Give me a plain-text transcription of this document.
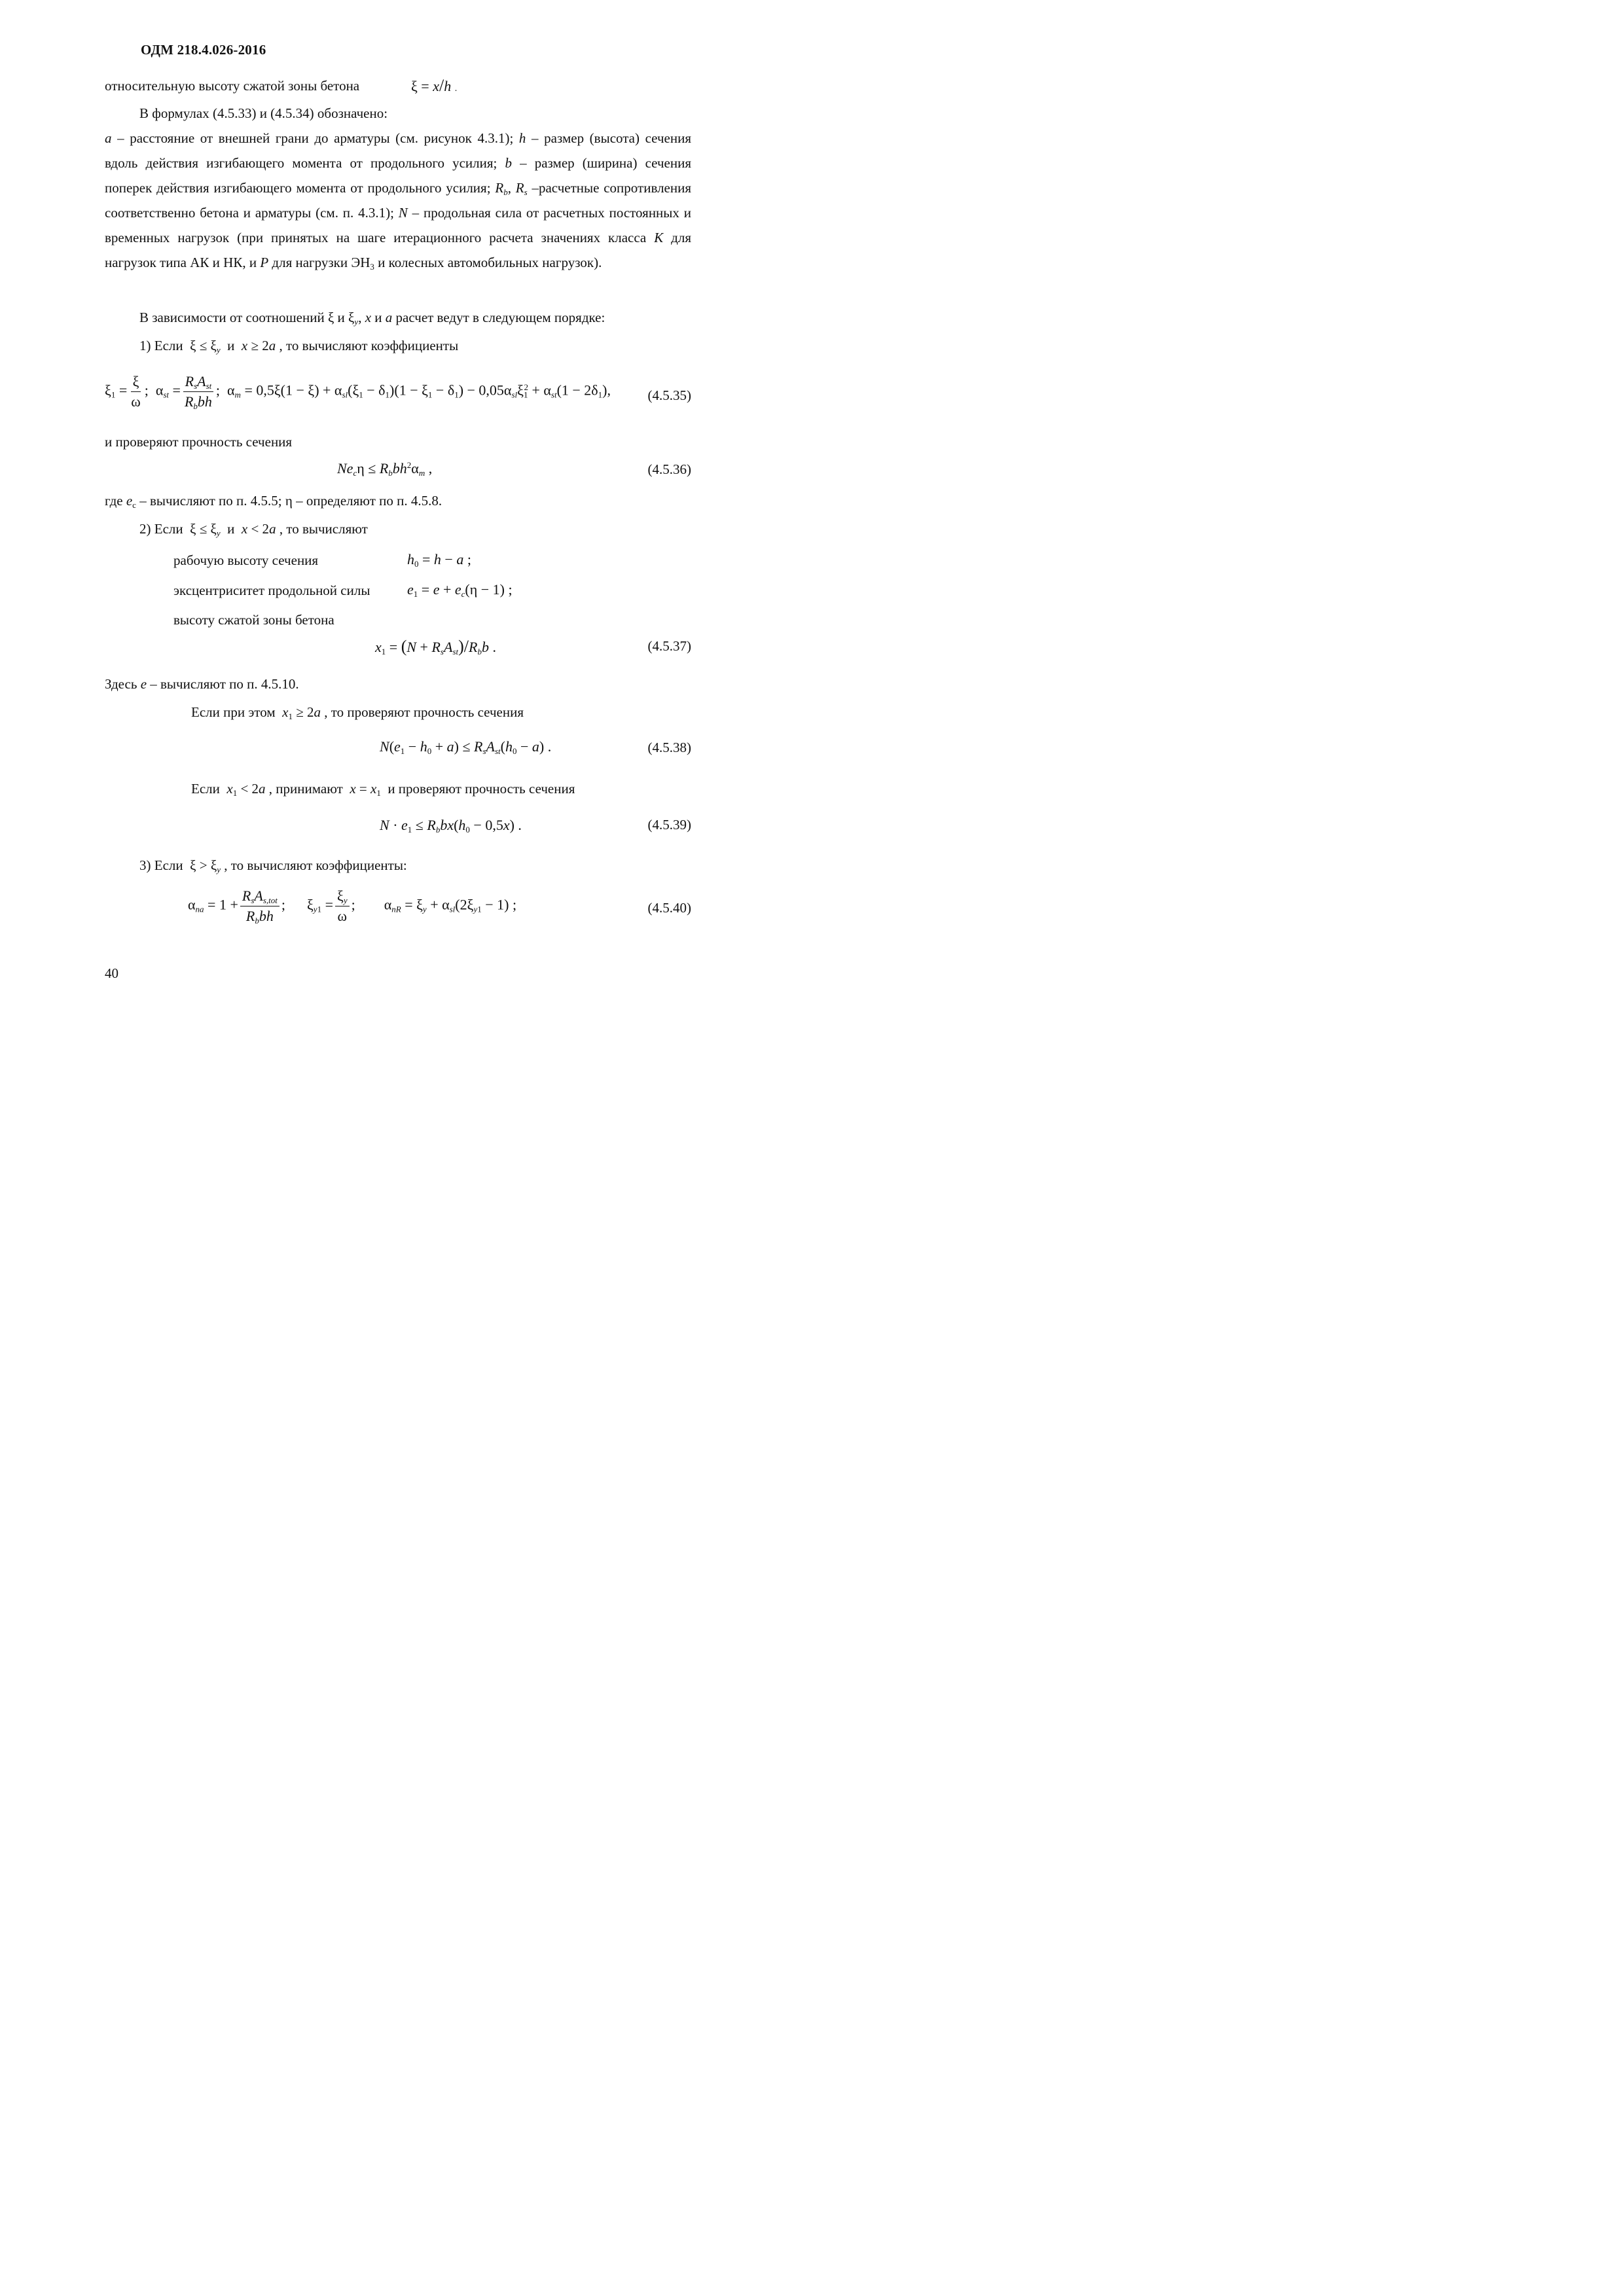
ОДМ 218.4.026-2016
относительную высоту сжатой зоны бетона	ξ = x/h .
В формулах (4.5.33) и (4.5.34) обозначено:
a – расстояние от внешней грани до арматуры (см. рисунок 4.3.1); h – размер (высота) сечения вдоль действия изгибающего момента от продольного усилия; b – размер (ширина) сечения поперек действия изгибающего момента от продольного усилия; $R_b$, $R_s$ –расчетные сопротивления соответственно бетона и арматуры (см. п. 4.3.1); N – продольная сила от расчетных постоянных и временных нагрузок (при принятых на шаге итерационного расчета значениях класса K для нагрузок типа АК и НК, и P для нагрузки $ЭН_3$ и колесных автомобильных нагрузок).
В зависимости от соотношений ξ и $\xi_y$, x и a расчет ведут в следующем порядке:
1) Если  $\xi \le \xi_y$  и  x ≥ 2a , то вычисляют коэффициенты
$\xi_1 = \frac{\xi}{\omega}$ ;  $\alpha_{st} = \frac{R_sA_{st}}{R_bbh}$ ;  $\alpha_m = 0,5\xi(1 - \xi) + \alpha_{sl}(\xi_1 - \delta_1)(1 - \xi_1 - \delta_1) - 0,05\alpha_{sl}\xi_1^2 + \alpha_{st}(1 - 2\delta_1)$,	(4.5.35)
и проверяют прочность сечения
$Ne_c\eta \le R_bbh^2\alpha_m$ ,	(4.5.36)
где $e_c$ – вычисляют по п. 4.5.5; η – определяют по п. 4.5.8.
2) Если  $\xi \le \xi_y$  и  x < 2a , то вычисляют
рабочую высоту сечения	$h_0 = h - a$ ;
эксцентриситет продольной силы	$e_1 = e + e_c(\eta - 1)$ ;
высоту сжатой зоны бетона
$x_1 = (N + R_sA_{st})/R_bb$ .	(4.5.37)
Здесь e – вычисляют по п. 4.5.10.
Если при этом  $x_1 \ge 2a$ , то проверяют прочность сечения
$N(e_1 - h_0 + a) \le R_sA_{st}(h_0 - a)$ .	(4.5.38)
Если  $x_1 < 2a$ , принимают  $x = x_1$  и проверяют прочность сечения
$N \cdot e_1 \le R_bbx(h_0 - 0,5x)$ .	(4.5.39)
3) Если  $\xi > \xi_y$ , то вычисляют коэффициенты:
$\alpha_{na} = 1 + \frac{R_sA_{s,tot}}{R_bbh}$ ;      $\xi_{y1} = \frac{\xi_y}{\omega}$ ;        $\alpha_{nR} = \xi_y + \alpha_{sl}(2\xi_{y1} - 1)$ ;	(4.5.40)
40
